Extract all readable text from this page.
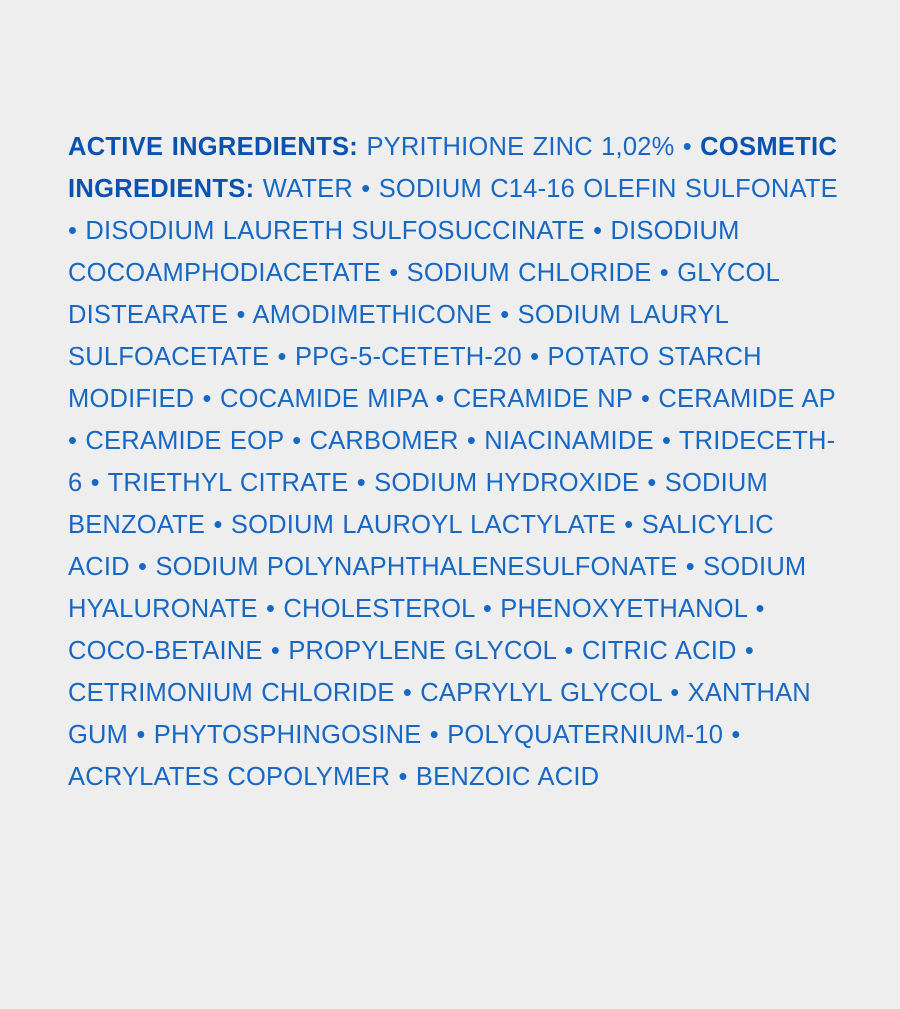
ACTIVE INGREDIENTS: PYRITHIONE ZINC 1,02% • COSMETIC INGREDIENTS: WATER • SODIUM C14-16 OLEFIN SULFONATE • DISODIUM LAURETH SULFOSUCCINATE • DISODIUM COCOAMPHODIACETATE • SODIUM CHLORIDE • GLYCOL DISTEARATE • AMODIMETHICONE • SODIUM LAURYL SULFOACETATE • PPG-5-CETETH-20 • POTATO STARCH MODIFIED • COCAMIDE MIPA • CERAMIDE NP • CERAMIDE AP • CERAMIDE EOP • CARBOMER • NIACINAMIDE • TRIDECETH-6 • TRIETHYL CITRATE • SODIUM HYDROXIDE • SODIUM BENZOATE • SODIUM LAUROYL LACTYLATE • SALICYLIC ACID • SODIUM POLYNAPHTHALENESULFONATE • SODIUM HYALURONATE • CHOLESTEROL • PHENOXYETHANOL • COCO-BETAINE • PROPYLENE GLYCOL • CITRIC ACID • CETRIMONIUM CHLORIDE • CAPRYLYL GLYCOL • XANTHAN GUM • PHYTOSPHINGOSINE • POLYQUATERNIUM-10 • ACRYLATES COPOLYMER • BENZOIC ACID
